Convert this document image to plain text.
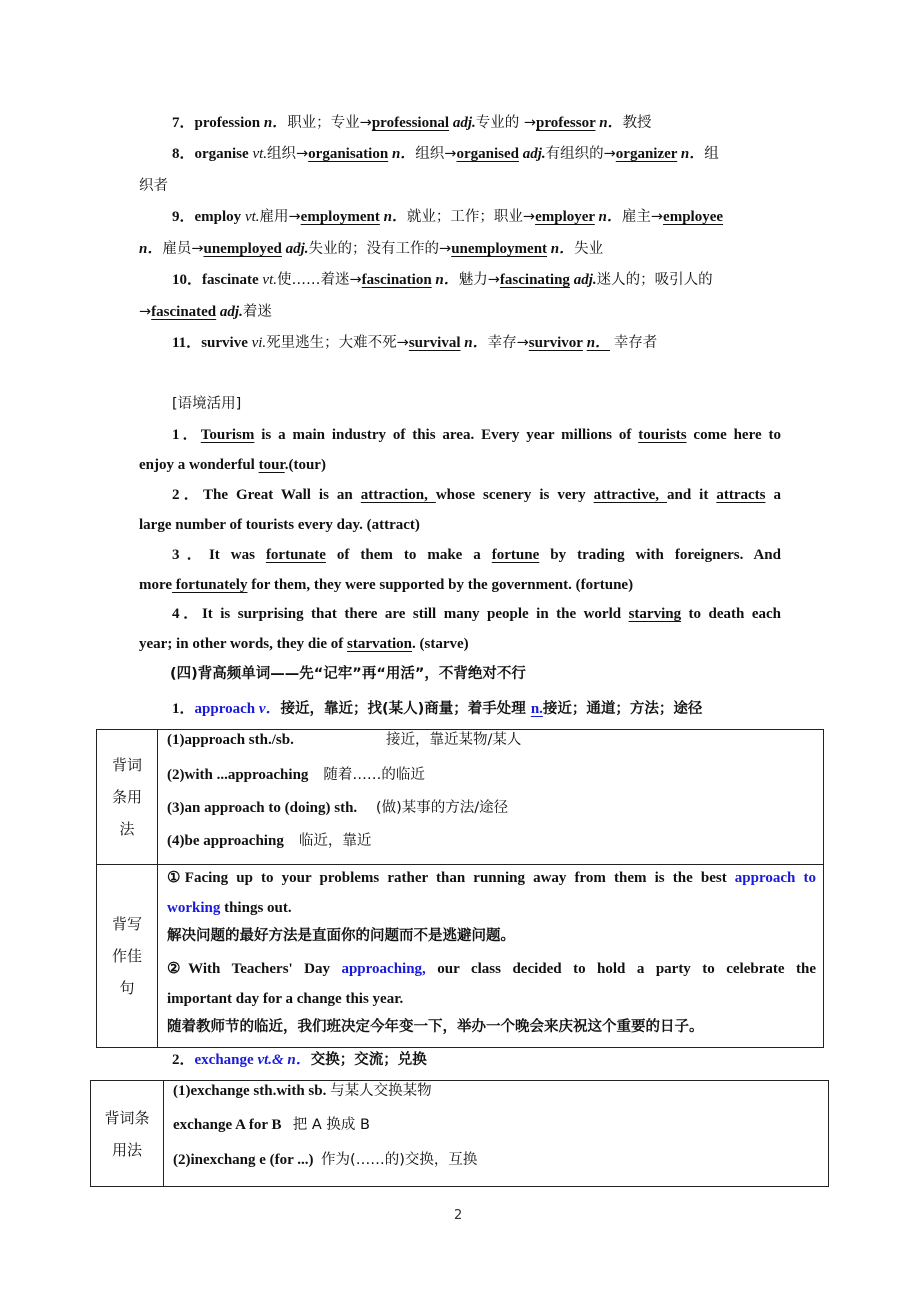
7．profession n．职业；专业→professional adj.专业的 →professor n．教授
8．organise vt.组织→organisation n．组织→organised adj.有组织的→organizer n．组
织者
9．employ vt.雇用→employment n．就业；工作；职业→employer n．雇主→employee
n．雇员→unemployed adj.失业的；没有工作的→unemployment n．失业
10．fascinate vt.使……着迷→fascination n．魅力→fascinating adj.迷人的；吸引人的
→fascinated adj.着迷
11．survive vi.死里逃生；大难不死→survival n．幸存→survivor n． 幸存者
[语境活用]
1．Tourism is a main industry of this area. Every year millions of tourists come here to
enjoy a wonderful tour.(tour)
2．The Great Wall is an attraction, whose scenery is very attractive, and it attracts a
large number of tourists every day. (attract)
3．It was fortunate of them to make a fortune by trading with foreigners. And
more fortunately for them, they were supported by the government. (fortune)
4．It is surprising that there are still many people in the world starving to death each
year; in other words, they die of starvation. (starve)
(四)背高频单词——先“记牢”再“用活”，不背绝对不行
1．approach v．接近，靠近；找(某人)商量；着手处理 n.接近；通道；方法；途径
背词
条用
法

(1)approach sth./sb.	接近，靠近某物/某人
(2)with ...approaching 随着……的临近
(3)an approach to (doing) sth. (做)某事的方法/途径
(4)be approaching 临近，靠近

背写
作佳
句

①Facing up to your problems rather than running away from them is the best approach to
working things out.
解决问题的最好方法是直面你的问题而不是逃避问题。
②With Teachers' Day approaching, our class decided to hold a party to celebrate the
important day for a change this year.
随着教师节的临近，我们班决定今年变一下，举办一个晚会来庆祝这个重要的日子。
2．exchange vt.& n．交换；交流；兑换
背词条
用法

(1)exchange sth.with sb. 与某人交换某物
exchange A for B 把 A 换成 B
(2)inexchang e (for ...) 作为(……的)交换，互换
2
